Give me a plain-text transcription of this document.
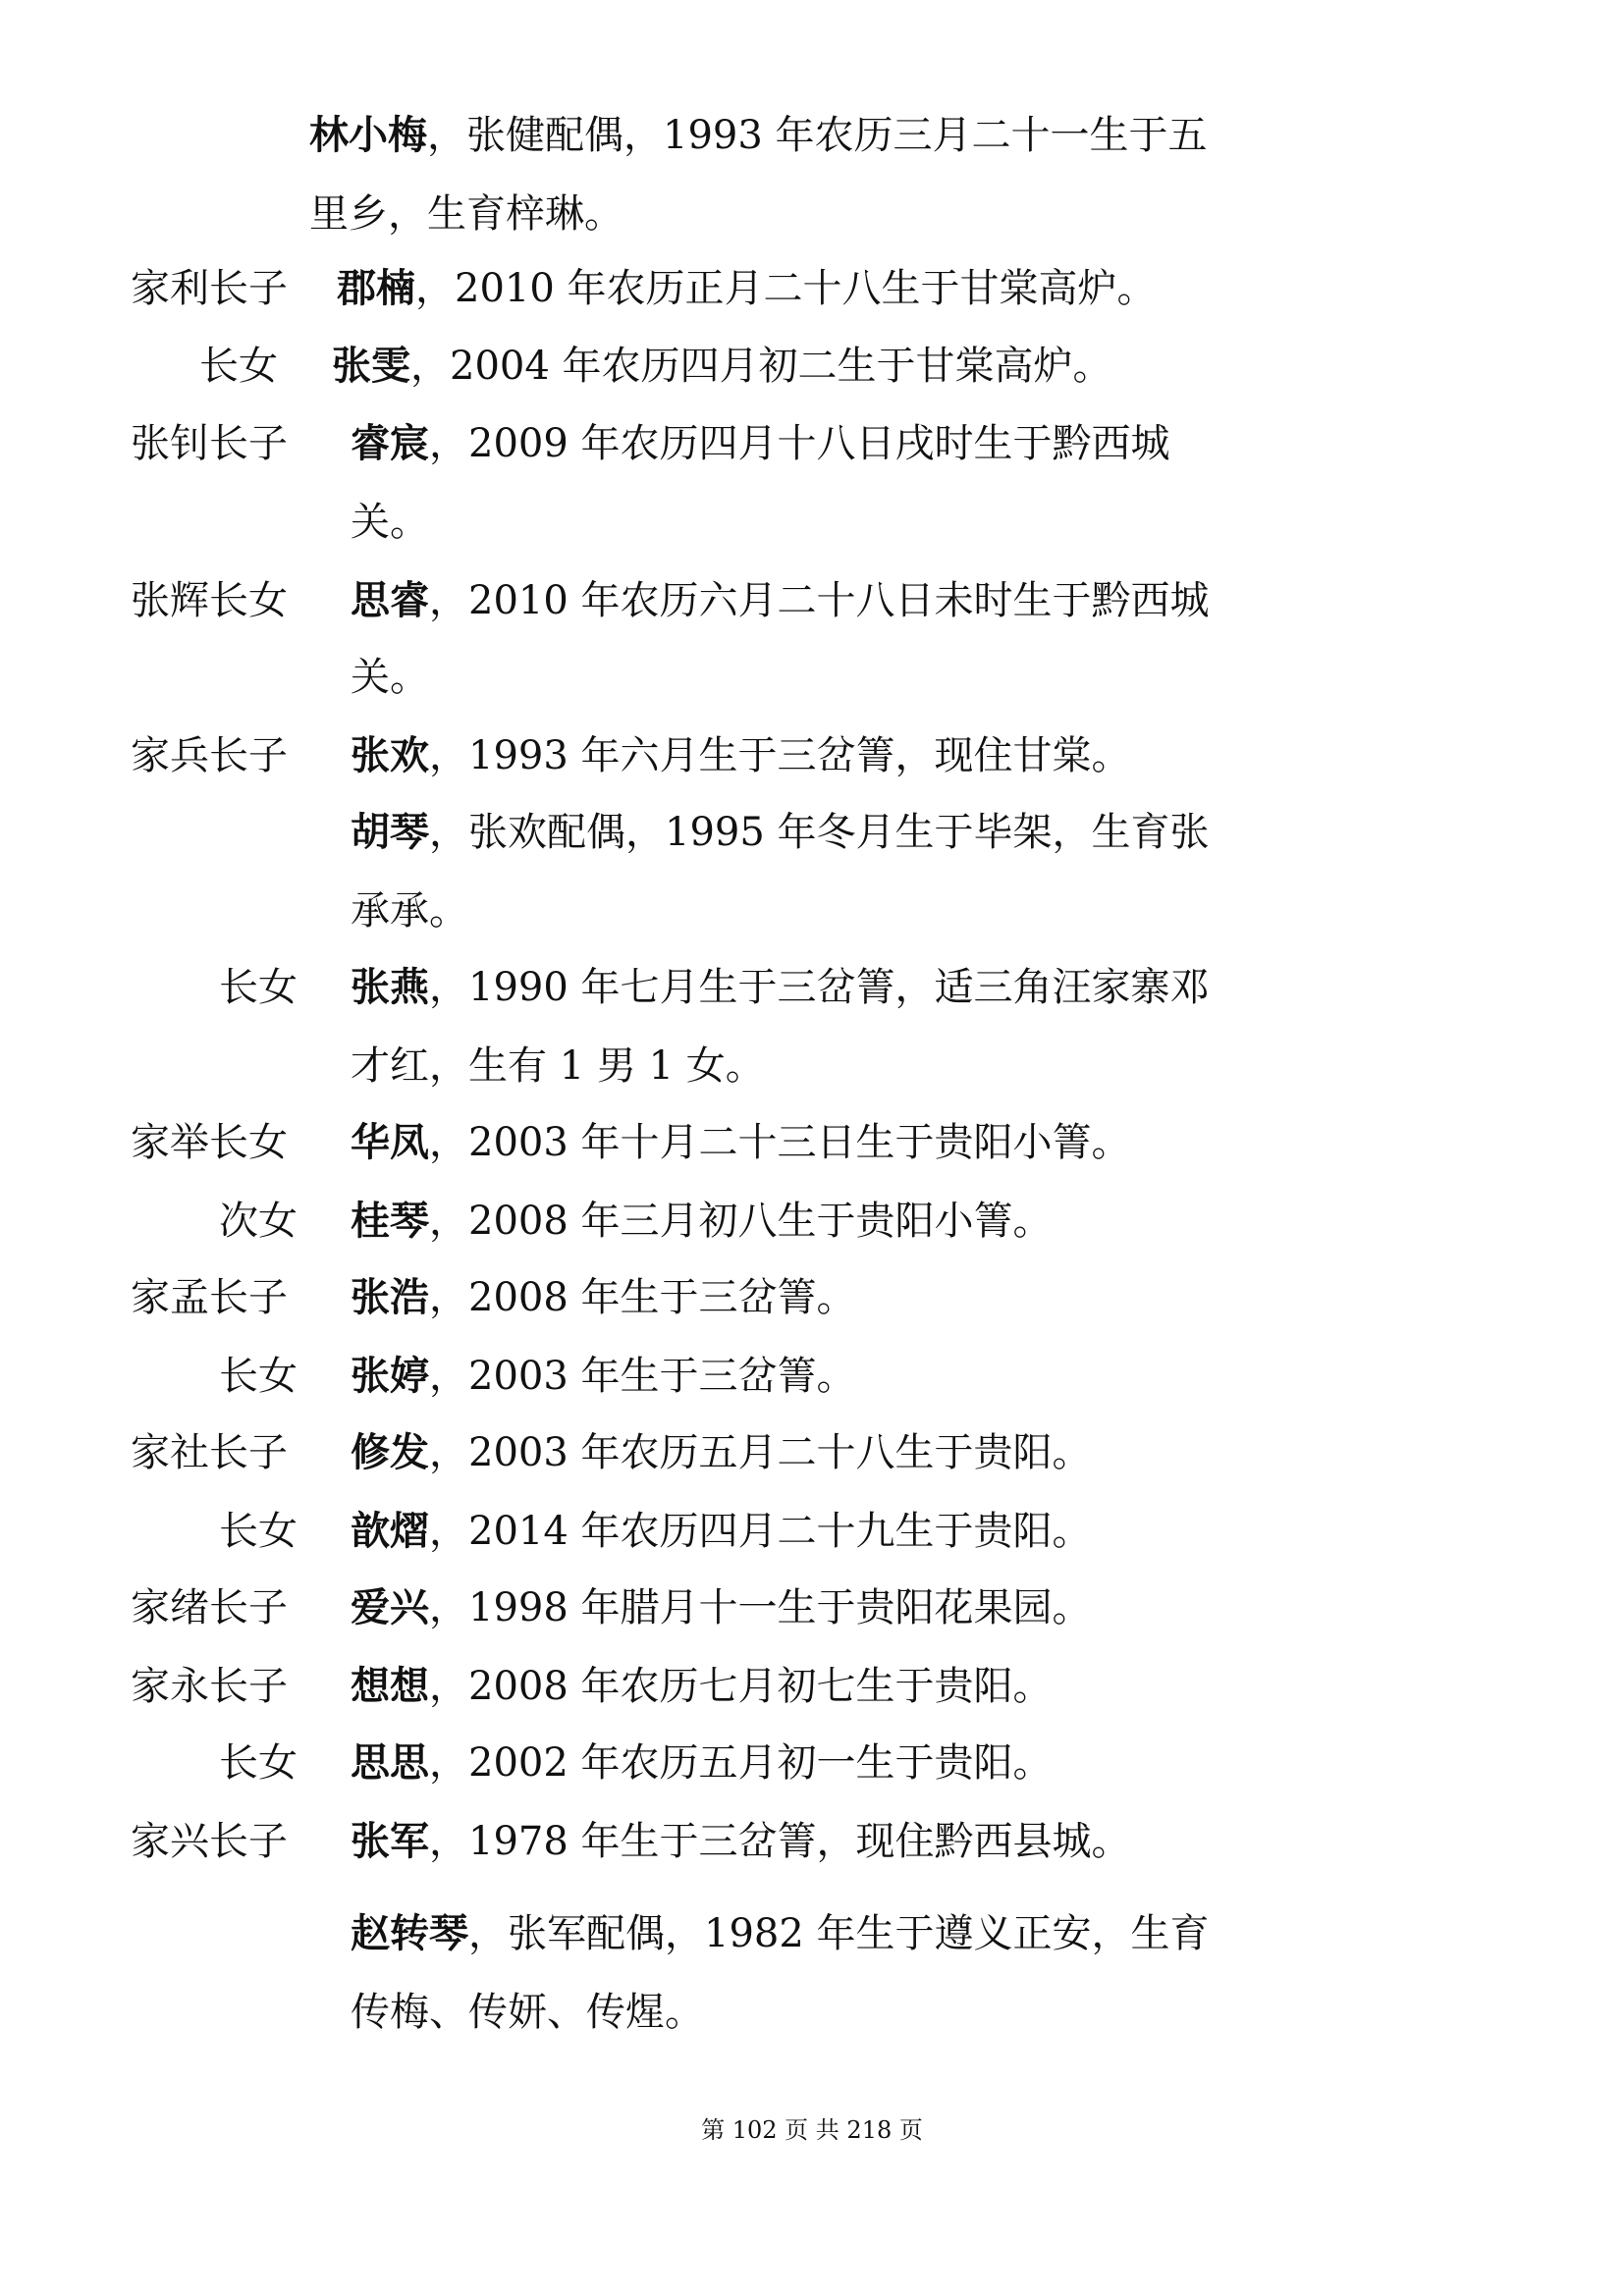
林小梅，张健配偶，1993 年农历三月二十一生于五
里乡，生育梓琳。
家利长子 郡楠，2010 年农历正月二十八生于甘棠高炉。
长女 张雯，2004 年农历四月初二生于甘棠高炉。
张钊长子 睿宸，2009 年农历四月十八日戌时生于黔西城
关。
张辉长女 思睿，2010 年农历六月二十八日未时生于黔西城
关。
家兵长子 张欢，1993 年六月生于三岔箐，现住甘棠。
胡琴，张欢配偶，1995 年冬月生于毕架，生育张
承承。
长女 张燕，1990 年七月生于三岔箐，适三角汪家寨邓
才红，生有 1 男 1 女。
家举长女 华凤，2003 年十月二十三日生于贵阳小箐。
次女 桂琴，2008 年三月初八生于贵阳小箐。
家孟长子 张浩，2008 年生于三岔箐。
长女 张婷，2003 年生于三岔箐。
家社长子 修发，2003 年农历五月二十八生于贵阳。
长女 歆熠，2014 年农历四月二十九生于贵阳。
家绪长子 爱兴，1998 年腊月十一生于贵阳花果园。
家永长子 想想，2008 年农历七月初七生于贵阳。
长女 思思，2002 年农历五月初一生于贵阳。
家兴长子 张军，1978 年生于三岔箐，现住黔西县城。
赵转琴，张军配偶，1982 年生于遵义正安，生育
传梅、传妍、传煋。
第 102 页 共 218 页
